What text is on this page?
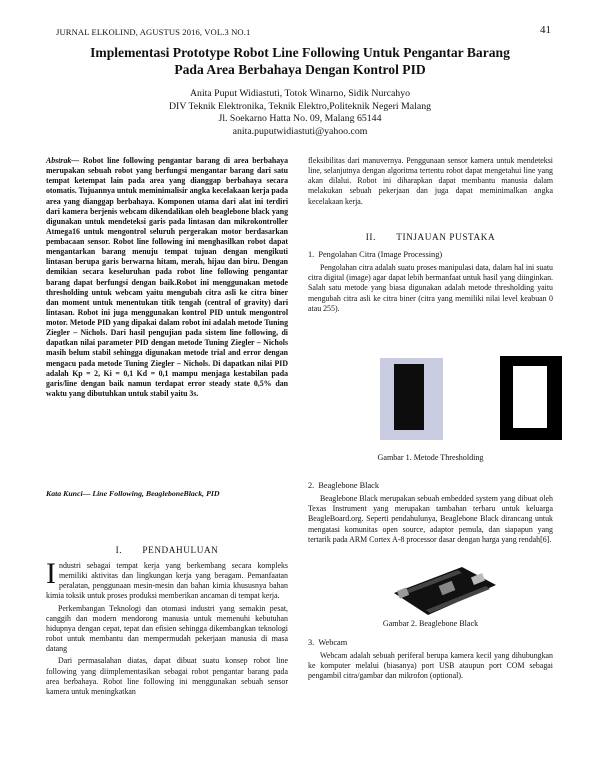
JURNAL ELKOLIND, AGUSTUS 2016, VOL.3 NO.1	41
Implementasi Prototype Robot Line Following Untuk Pengantar Barang
Pada Area Berbahaya Dengan Kontrol PID
Anita Puput Widiastuti, Totok Winarno, Sidik Nurcahyo
DIV Teknik Elektronika, Teknik Elektro,Politeknik Negeri Malang
Jl. Soekarno Hatta No. 09, Malang 65144
anita.puputwidiastuti@yahoo.com
Abstrak— Robot line following pengantar barang di area berbahaya merupakan sebuah robot yang berfungsi mengantar barang dari satu tempat ketempat lain pada area yang dianggap berbahaya secara otomatis. Tujuannya untuk meminimalisir angka kecelakaan kerja pada area yang dianggap berbahaya. Komponen utama dari alat ini terdiri dari kamera berjenis webcam dikendalikan oleh beaglebone black yang digunakan untuk mendeteksi garis pada lintasan dan mikrokontroller Atmega16 untuk mengontrol seluruh pergerakan motor berdasarkan pembacaan sensor. Robot line following ini menghasilkan robot dapat mengantarkan barang menuju tempat tujuan dengan mengikuti lintasan berupa garis berwarna hitam, merah, hijau dan biru. Dengan demikian secara keseluruhan pada robot line following pengantar barang dapat berfungsi dengan baik.Robot ini menggunakan metode thresholding untuk webcam yaitu mengubah citra asli ke citra biner dan moment untuk menentukan titik tengah (central of gravity) dari lintasan. Robot ini juga menggunakan kontrol PID untuk mengontrol motor. Metode PID yang dipakai dalam robot ini adalah metode Tuning Ziegler – Nichols. Dari hasil pengujian pada sistem line following, di dapatkan nilai parameter PID dengan metode Tuning Ziegler – Nichols masih belum stabil sehingga digunakan metode trial and error dengan mengacu pada metode Tuning Ziegler – Nichols. Di dapatkan nilai PID adalah Kp = 2, Ki = 0,1 Kd = 0,1 mampu menjaga kestabilan pada garis/line dengan baik namun terdapat error steady state 0,5% dan waktu yang dibutuhkan untuk stabil yaitu 3s.
Kata Kunci— Line Following, BeagleboneBlack, PID
I.       PENDAHULUAN
Industri sebagai tempat kerja yang berkembang secara kompleks memiliki aktivitas dan lingkungan kerja yang beragam. Pemanfaatan peralatan, penggunaan mesin-mesin dan bahan kimia khususnya bahan kimia toksik untuk proses produksi memberikan ancaman di tempat kerja.
Perkembangan Teknologi dan otomasi industri yang semakin pesat, canggih dan modern mendorong manusia untuk memenuhi kebutuhan hidupnya dengan cepat, tepat dan efisien sehingga dikembangkan teknologi robot untuk membantu dan mempermudah pekerjaan manusia di masa datang
Dari permasalahan diatas, dapat dibuat suatu konsep robot line following yang diimplementasikan sebagai robot pengantar barang pada area berbahaya. Robot line following ini menggunakan sebuah sensor kamera untuk meningkatkan
fleksibilitas dari manuvernya. Penggunaan sensor kamera untuk mendeteksi line, selanjutnya dengan algoritma tertentu robot dapat mengetahui line yang akan dilalui. Robot ini diharapkan dapat membantu manusia dalam melakukan sebuah pekerjaan dan juga dapat meminimalkan angka kecelakaan kerja.
II.       TINJAUAN PUSTAKA
1.  Pengolahan Citra (Image Processing)
Pengolahan citra adalah suatu proses manipulasi data, dalam hal ini suatu citra digital (image) agar dapat lebih bermanfaat untuk hasil yang diinginkan. Salah satu metode yang biasa digunakan adalah metode thresholding yaitu mengubah citra asli ke citra biner (citra yang memiliki nilai level keabuan 0 atau 255).
Gambar 1. Metode Thresholding
2.  Beaglebone Black
Beaglebone Black merupakan sebuah embedded system yang dibuat oleh Texas Instrument yang merupakan tambahan terbaru untuk keluarga BeagleBoard.org. Seperti pendahulunya, Beaglebone Black dirancang untuk mengatasi komunitas open source, adaptor pemula, dan siapapun yang tertarik pada ARM Cortex A-8 processor dasar dengan harga yang rendah[6].
Gambar 2. Beaglebone Black
3.  Webcam
Webcam adalah sebuah periferal berupa kamera kecil yang dihubungkan ke komputer melalui (biasanya) port USB ataupun port COM sebagai pengambil citra/gambar dan mikrofon (optional).
